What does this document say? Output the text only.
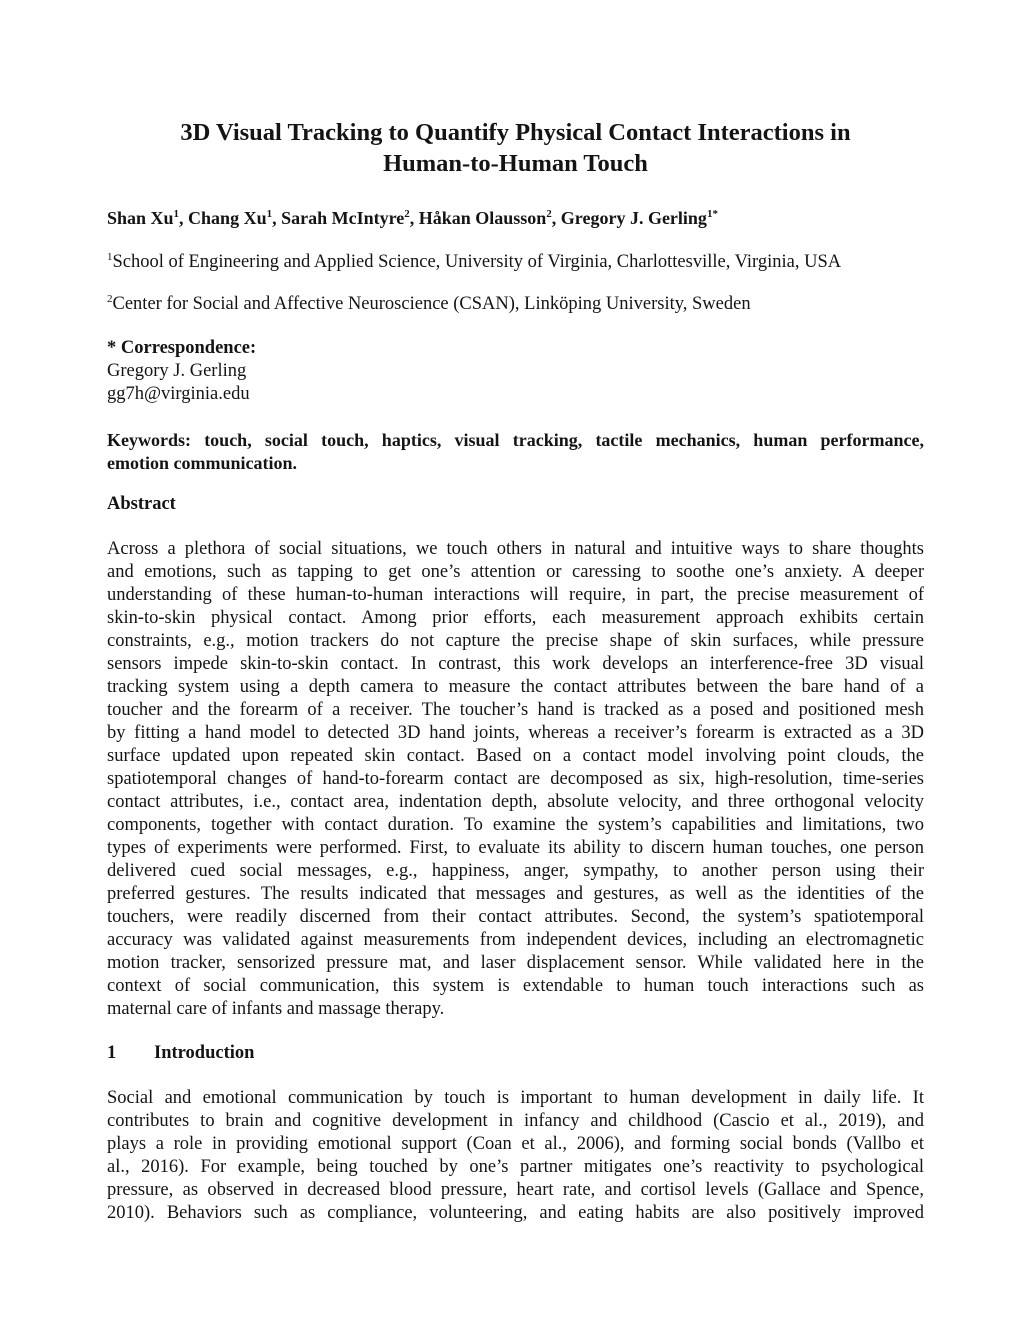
3D Visual Tracking to Quantify Physical Contact Interactions in
Human-to-Human Touch
Shan Xu$^1$, Chang Xu$^1$, Sarah McIntyre$^2$, Håkan Olausson$^2$, Gregory J. Gerling$^{1*}$
$^1$School of Engineering and Applied Science, University of Virginia, Charlottesville, Virginia, USA
$^2$Center for Social and Affective Neuroscience (CSAN), Linköping University, Sweden
* Correspondence:
Gregory J. Gerling
gg7h@virginia.edu
Keywords: touch, social touch, haptics, visual tracking, tactile mechanics, human performance,
emotion communication.
Abstract
Across a plethora of social situations, we touch others in natural and intuitive ways to share thoughts
and emotions, such as tapping to get one’s attention or caressing to soothe one’s anxiety. A deeper
understanding of these human-to-human interactions will require, in part, the precise measurement of
skin-to-skin physical contact. Among prior efforts, each measurement approach exhibits certain
constraints, e.g., motion trackers do not capture the precise shape of skin surfaces, while pressure
sensors impede skin-to-skin contact. In contrast, this work develops an interference-free 3D visual
tracking system using a depth camera to measure the contact attributes between the bare hand of a
toucher and the forearm of a receiver. The toucher’s hand is tracked as a posed and positioned mesh
by fitting a hand model to detected 3D hand joints, whereas a receiver’s forearm is extracted as a 3D
surface updated upon repeated skin contact. Based on a contact model involving point clouds, the
spatiotemporal changes of hand-to-forearm contact are decomposed as six, high-resolution, time-series
contact attributes, i.e., contact area, indentation depth, absolute velocity, and three orthogonal velocity
components, together with contact duration. To examine the system’s capabilities and limitations, two
types of experiments were performed. First, to evaluate its ability to discern human touches, one person
delivered cued social messages, e.g., happiness, anger, sympathy, to another person using their
preferred gestures. The results indicated that messages and gestures, as well as the identities of the
touchers, were readily discerned from their contact attributes. Second, the system’s spatiotemporal
accuracy was validated against measurements from independent devices, including an electromagnetic
motion tracker, sensorized pressure mat, and laser displacement sensor. While validated here in the
context of social communication, this system is extendable to human touch interactions such as
maternal care of infants and massage therapy.
1 Introduction
Social and emotional communication by touch is important to human development in daily life. It
contributes to brain and cognitive development in infancy and childhood (Cascio et al., 2019), and
plays a role in providing emotional support (Coan et al., 2006), and forming social bonds (Vallbo et
al., 2016). For example, being touched by one’s partner mitigates one’s reactivity to psychological
pressure, as observed in decreased blood pressure, heart rate, and cortisol levels (Gallace and Spence,
2010). Behaviors such as compliance, volunteering, and eating habits are also positively improved
